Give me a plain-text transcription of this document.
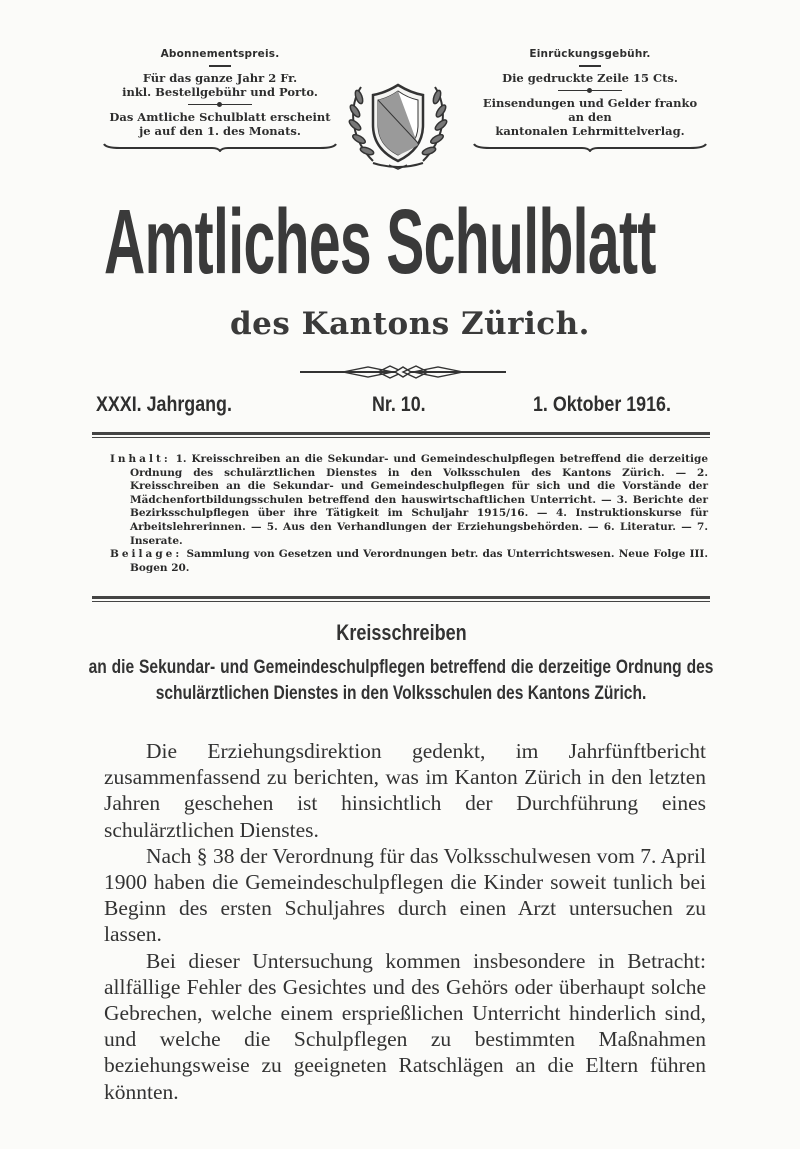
Abonnementspreis.
Für das ganze Jahr 2 Fr.
inkl. Bestellgebühr und Porto.
Das Amtliche Schulblatt erscheint
je auf den 1. des Monats.
Einrückungsgebühr.
Die gedruckte Zeile 15 Cts.
Einsendungen und Gelder franko
an den
kantonalen Lehrmittelverlag.
Amtliches Schulblatt
des Kantons Zürich.
XXXI. Jahrgang.	Nr. 10.	1. Oktober 1916.
Inhalt: 1. Kreisschreiben an die Sekundar- und Gemeindeschulpflegen betreffend die derzeitige Ordnung des schulärztlichen Dienstes in den Volksschulen des Kantons Zürich. — 2. Kreisschreiben an die Sekundar- und Gemeindeschulpflegen für sich und die Vorstände der Mädchenfortbildungsschulen betreffend den hauswirtschaftlichen Unterricht. — 3. Berichte der Bezirksschulpflegen über ihre Tätigkeit im Schuljahr 1915/16. — 4. Instruktionskurse für Arbeitslehrerinnen. — 5. Aus den Verhandlungen der Erziehungsbehörden. — 6. Literatur. — 7. Inserate.
Beilage: Sammlung von Gesetzen und Verordnungen betr. das Unterrichtswesen. Neue Folge III. Bogen 20.
Kreisschreiben
an die Sekundar- und Gemeindeschulpflegen betreffend die derzeitige Ordnung des schulärztlichen Dienstes in den Volksschulen des Kantons Zürich.

Die Erziehungsdirektion gedenkt, im Jahrfünftbericht zusammenfassend zu berichten, was im Kanton Zürich in den letzten Jahren geschehen ist hinsichtlich der Durchführung eines schulärztlichen Dienstes.

Nach § 38 der Verordnung für das Volksschulwesen vom 7. April 1900 haben die Gemeindeschulpflegen die Kinder soweit tunlich bei Beginn des ersten Schuljahres durch einen Arzt untersuchen zu lassen.

Bei dieser Untersuchung kommen insbesondere in Betracht: allfällige Fehler des Gesichtes und des Gehörs oder überhaupt solche Gebrechen, welche einem ersprießlichen Unterricht hinderlich sind, und welche die Schulpflegen zu bestimmten Maßnahmen beziehungsweise zu geeigneten Ratschlägen an die Eltern führen könnten.
